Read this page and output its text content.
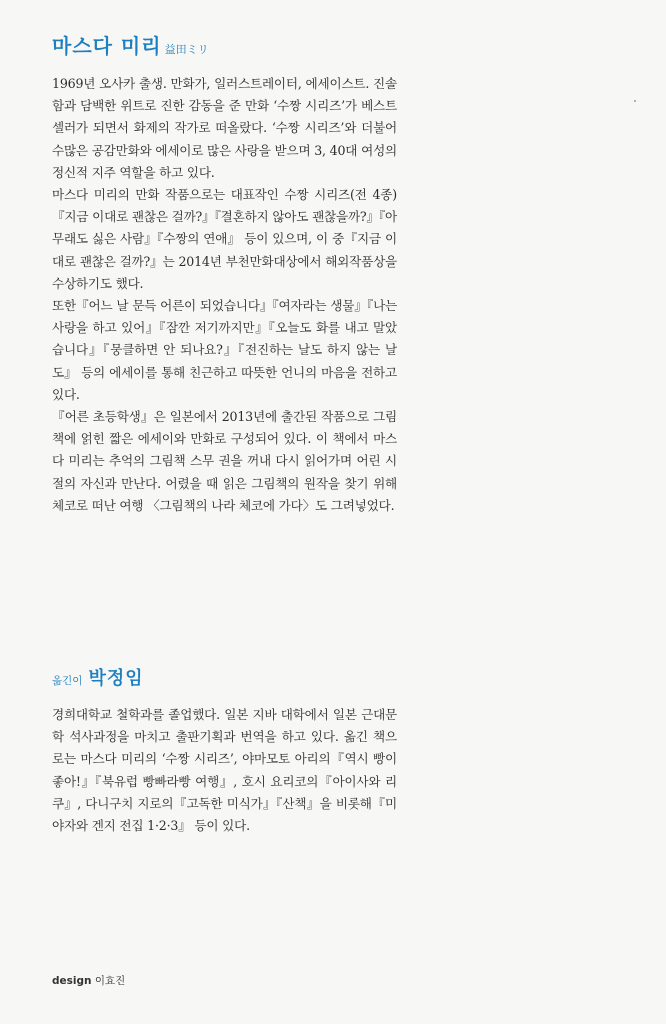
마스다 미리 益田ミリ

1969년 오사카 출생. 만화가, 일러스트레이터, 에세이스트. 진솔함과 담백한 위트로 진한 감동을 준 만화 ‘수짱 시리즈’가 베스트셀러가 되면서 화제의 작가로 떠올랐다. ‘수짱 시리즈’와 더불어 수많은 공감만화와 에세이로 많은 사랑을 받으며 3, 40대 여성의 정신적 지주 역할을 하고 있다.

마스다 미리의 만화 작품으로는 대표작인 수짱 시리즈(전 4종)『지금 이대로 괜찮은 걸까?』『결혼하지 않아도 괜찮을까?』『아무래도 싫은 사람』『수짱의 연애』 등이 있으며, 이 중『지금 이대로 괜찮은 걸까?』는 2014년 부천만화대상에서 해외작품상을 수상하기도 했다.

또한『어느 날 문득 어른이 되었습니다』『여자라는 생물』『나는 사랑을 하고 있어』『잠깐 저기까지만』『오늘도 화를 내고 말았습니다』『뭉클하면 안 되나요?』『전진하는 날도 하지 않는 날도』 등의 에세이를 통해 친근하고 따뜻한 언니의 마음을 전하고 있다.

『어른 초등학생』은 일본에서 2013년에 출간된 작품으로 그림책에 얽힌 짧은 에세이와 만화로 구성되어 있다. 이 책에서 마스다 미리는 추억의 그림책 스무 권을 꺼내 다시 읽어가며 어린 시절의 자신과 만난다. 어렸을 때 읽은 그림책의 원작을 찾기 위해 체코로 떠난 여행 〈그림책의 나라 체코에 가다〉도 그려넣었다.

옮긴이 박정임

경희대학교 철학과를 졸업했다. 일본 지바 대학에서 일본 근대문학 석사과정을 마치고 출판기획과 번역을 하고 있다. 옮긴 책으로는 마스다 미리의 ‘수짱 시리즈’, 야마모토 아리의『역시 빵이 좋아!』『북유럽 빵빠라빵 여행』, 호시 요리코의『아이사와 리쿠』, 다니구치 지로의『고독한 미식가』『산책』을 비롯해『미야자와 겐지 전집 1·2·3』 등이 있다.

design 이효진
